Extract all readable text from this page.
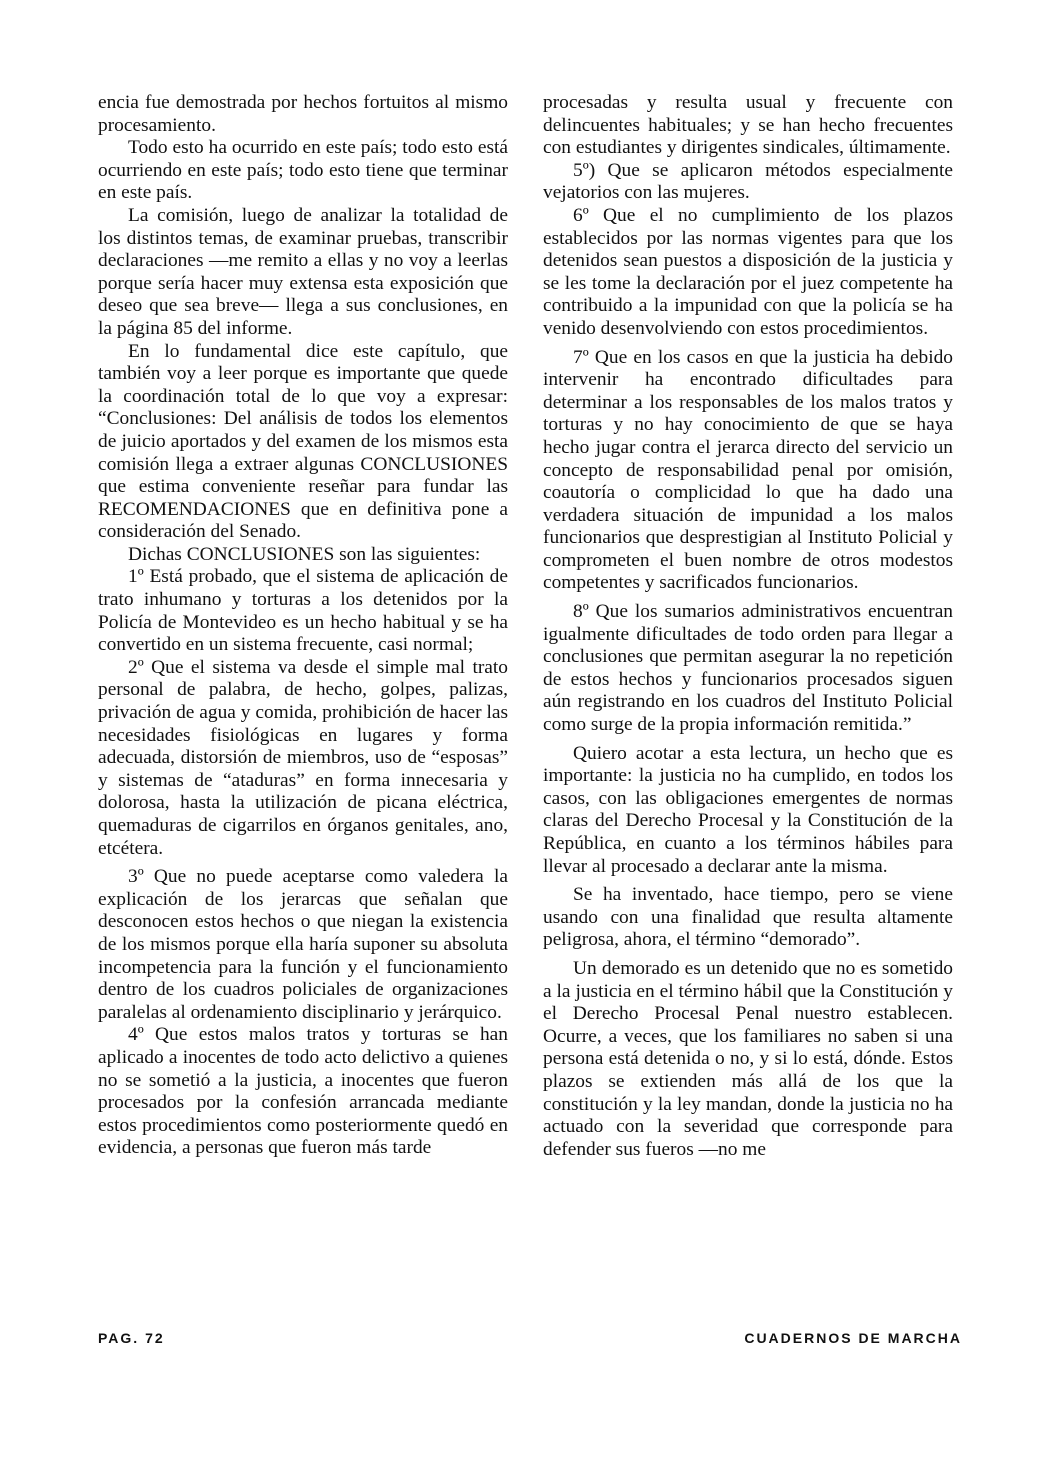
encia fue demostrada por hechos fortuitos al mismo procesamiento.

Todo esto ha ocurrido en este país; todo esto está ocurriendo en este país; todo esto tiene que terminar en este país.

La comisión, luego de analizar la totalidad de los distintos temas, de examinar pruebas, transcribir declaraciones —me remito a ellas y no voy a leerlas porque sería hacer muy extensa esta exposición que deseo que sea breve— llega a sus conclusiones, en la página 85 del informe.

En lo fundamental dice este capítulo, que también voy a leer porque es importante que quede la coordinación total de lo que voy a expresar: “Conclusiones: Del análisis de todos los elementos de juicio aportados y del examen de los mismos esta comisión llega a extraer algunas CONCLUSIONES que estima conveniente reseñar para fundar las RECOMENDACIONES que en definitiva pone a consideración del Senado.

Dichas CONCLUSIONES son las siguientes:

1º Está probado, que el sistema de aplicación de trato inhumano y torturas a los detenidos por la Policía de Montevideo es un hecho habitual y se ha convertido en un sistema frecuente, casi normal;

2º Que el sistema va desde el simple mal trato personal de palabra, de hecho, golpes, palizas, privación de agua y comida, prohibición de hacer las necesidades fisiológicas en lugares y forma adecuada, distorsión de miembros, uso de “esposas” y sistemas de “ataduras” en forma innecesaria y dolorosa, hasta la utilización de picana eléctrica, quemaduras de cigarrilos en órganos genitales, ano, etcétera.

3º Que no puede aceptarse como valedera la explicación de los jerarcas que señalan que desconocen estos hechos o que niegan la existencia de los mismos porque ella haría suponer su absoluta incompetencia para la función y el funcionamiento dentro de los cuadros policiales de organizaciones paralelas al ordenamiento disciplinario y jerárquico.

4º Que estos malos tratos y torturas se han aplicado a inocentes de todo acto delictivo a quienes no se sometió a la justicia, a inocentes que fueron procesados por la confesión arrancada mediante estos procedimientos como posteriormente quedó en evidencia, a personas que fueron más tarde

procesadas y resulta usual y frecuente con delincuentes habituales; y se han hecho frecuentes con estudiantes y dirigentes sindicales, últimamente.

5º) Que se aplicaron métodos especialmente vejatorios con las mujeres.

6º Que el no cumplimiento de los plazos establecidos por las normas vigentes para que los detenidos sean puestos a disposición de la justicia y se les tome la declaración por el juez competente ha contribuido a la impunidad con que la policía se ha venido desenvolviendo con estos procedimientos.

7º Que en los casos en que la justicia ha debido intervenir ha encontrado dificultades para determinar a los responsables de los malos tratos y torturas y no hay conocimiento de que se haya hecho jugar contra el jerarca directo del servicio un concepto de responsabilidad penal por omisión, coautoría o complicidad lo que ha dado una verdadera situación de impunidad a los malos funcionarios que desprestigian al Instituto Policial y comprometen el buen nombre de otros modestos competentes y sacrificados funcionarios.

8º Que los sumarios administrativos encuentran igualmente dificultades de todo orden para llegar a conclusiones que permitan asegurar la no repetición de estos hechos y funcionarios procesados siguen aún registrando en los cuadros del Instituto Policial como surge de la propia información remitida.”

Quiero acotar a esta lectura, un hecho que es importante: la justicia no ha cumplido, en todos los casos, con las obligaciones emergentes de normas claras del Derecho Procesal y la Constitución de la República, en cuanto a los términos hábiles para llevar al procesado a declarar ante la misma.

Se ha inventado, hace tiempo, pero se viene usando con una finalidad que resulta altamente peligrosa, ahora, el término “demorado”.

Un demorado es un detenido que no es sometido a la justicia en el término hábil que la Constitución y el Derecho Procesal Penal nuestro establecen. Ocurre, a veces, que los familiares no saben si una persona está detenida o no, y si lo está, dónde. Estos plazos se extienden más allá de los que la constitución y la ley mandan, donde la justicia no ha actuado con la severidad que corresponde para defender sus fueros —no me

PAG. 72	CUADERNOS DE MARCHA
